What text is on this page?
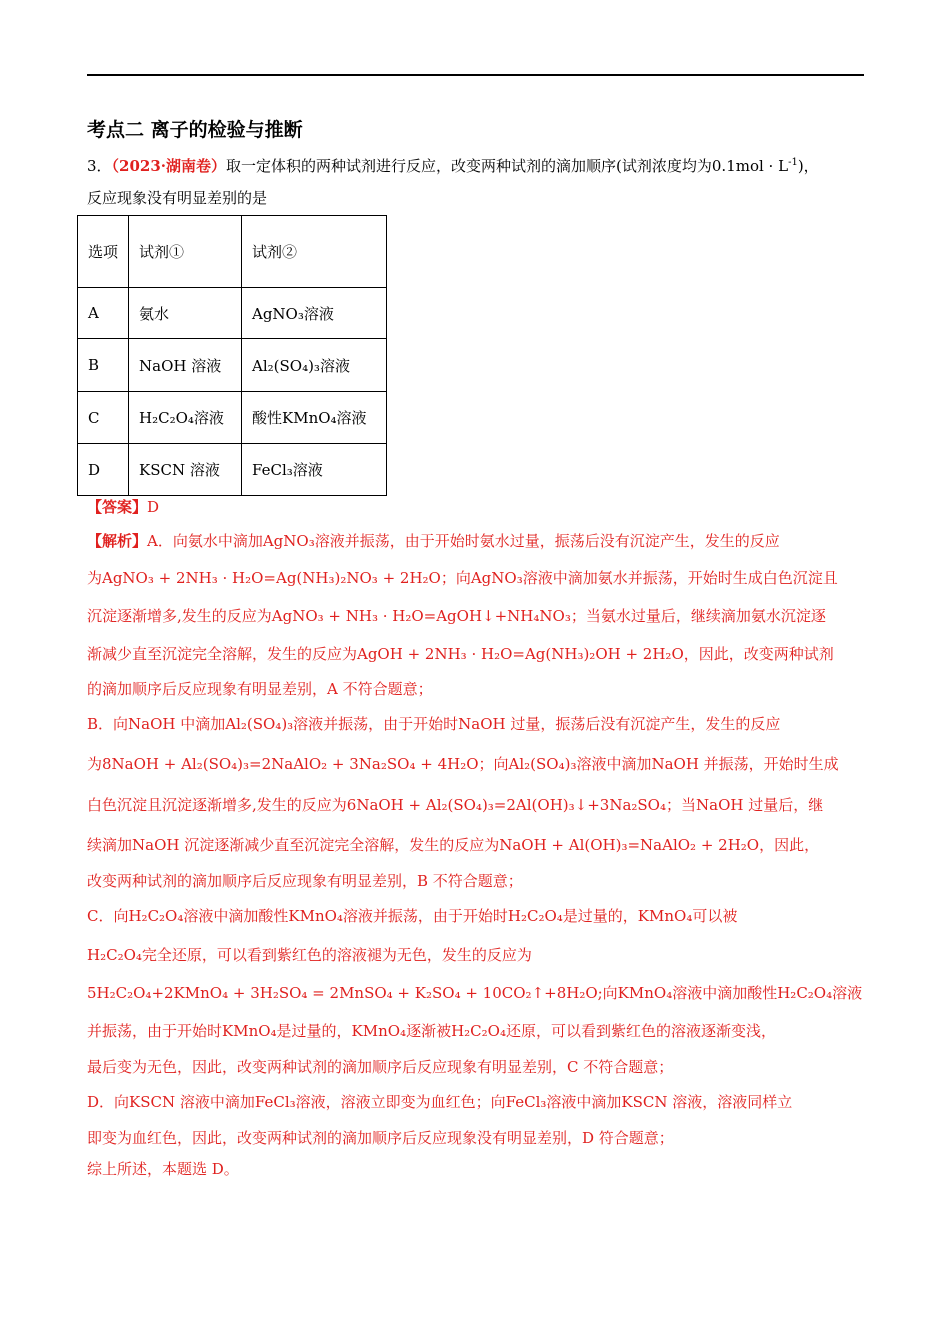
考点二 离子的检验与推断
3．（2023·湖南卷）取一定体积的两种试剂进行反应，改变两种试剂的滴加顺序(试剂浓度均为$0.1mol \cdot L^{-1}$)，
反应现象没有明显差别的是
选项	试剂①	试剂②
A	氨水	AgNO₃溶液
B	NaOH 溶液	Al₂(SO₄)₃溶液
C	H₂C₂O₄溶液	酸性KMnO₄溶液
D	KSCN 溶液	FeCl₃溶液
【答案】D
【解析】A．向氨水中滴加AgNO₃溶液并振荡，由于开始时氨水过量，振荡后没有沉淀产生，发生的反应
为AgNO₃ + 2NH₃ · H₂O=Ag(NH₃)₂NO₃ + 2H₂O；向AgNO₃溶液中滴加氨水并振荡，开始时生成白色沉淀且
沉淀逐渐增多,发生的反应为AgNO₃ + NH₃ · H₂O=AgOH↓+NH₄NO₃；当氨水过量后，继续滴加氨水沉淀逐
渐减少直至沉淀完全溶解，发生的反应为AgOH + 2NH₃ · H₂O=Ag(NH₃)₂OH + 2H₂O，因此，改变两种试剂
的滴加顺序后反应现象有明显差别，A 不符合题意；
B．向NaOH 中滴加Al₂(SO₄)₃溶液并振荡，由于开始时NaOH 过量，振荡后没有沉淀产生，发生的反应
为8NaOH + Al₂(SO₄)₃=2NaAlO₂ + 3Na₂SO₄ + 4H₂O；向Al₂(SO₄)₃溶液中滴加NaOH 并振荡，开始时生成
白色沉淀且沉淀逐渐增多,发生的反应为6NaOH + Al₂(SO₄)₃=2Al(OH)₃↓+3Na₂SO₄；当NaOH 过量后，继
续滴加NaOH 沉淀逐渐减少直至沉淀完全溶解，发生的反应为NaOH + Al(OH)₃=NaAlO₂ + 2H₂O，因此，
改变两种试剂的滴加顺序后反应现象有明显差别，B 不符合题意；
C．向H₂C₂O₄溶液中滴加酸性KMnO₄溶液并振荡，由于开始时H₂C₂O₄是过量的，KMnO₄可以被
H₂C₂O₄完全还原，可以看到紫红色的溶液褪为无色，发生的反应为
5H₂C₂O₄+2KMnO₄ + 3H₂SO₄ = 2MnSO₄ + K₂SO₄ + 10CO₂↑+8H₂O;向KMnO₄溶液中滴加酸性H₂C₂O₄溶液
并振荡，由于开始时KMnO₄是过量的，KMnO₄逐渐被H₂C₂O₄还原，可以看到紫红色的溶液逐渐变浅，
最后变为无色，因此，改变两种试剂的滴加顺序后反应现象有明显差别，C 不符合题意；
D．向KSCN 溶液中滴加FeCl₃溶液，溶液立即变为血红色；向FeCl₃溶液中滴加KSCN 溶液，溶液同样立
即变为血红色，因此，改变两种试剂的滴加顺序后反应现象没有明显差别，D 符合题意；
综上所述，本题选 D。
